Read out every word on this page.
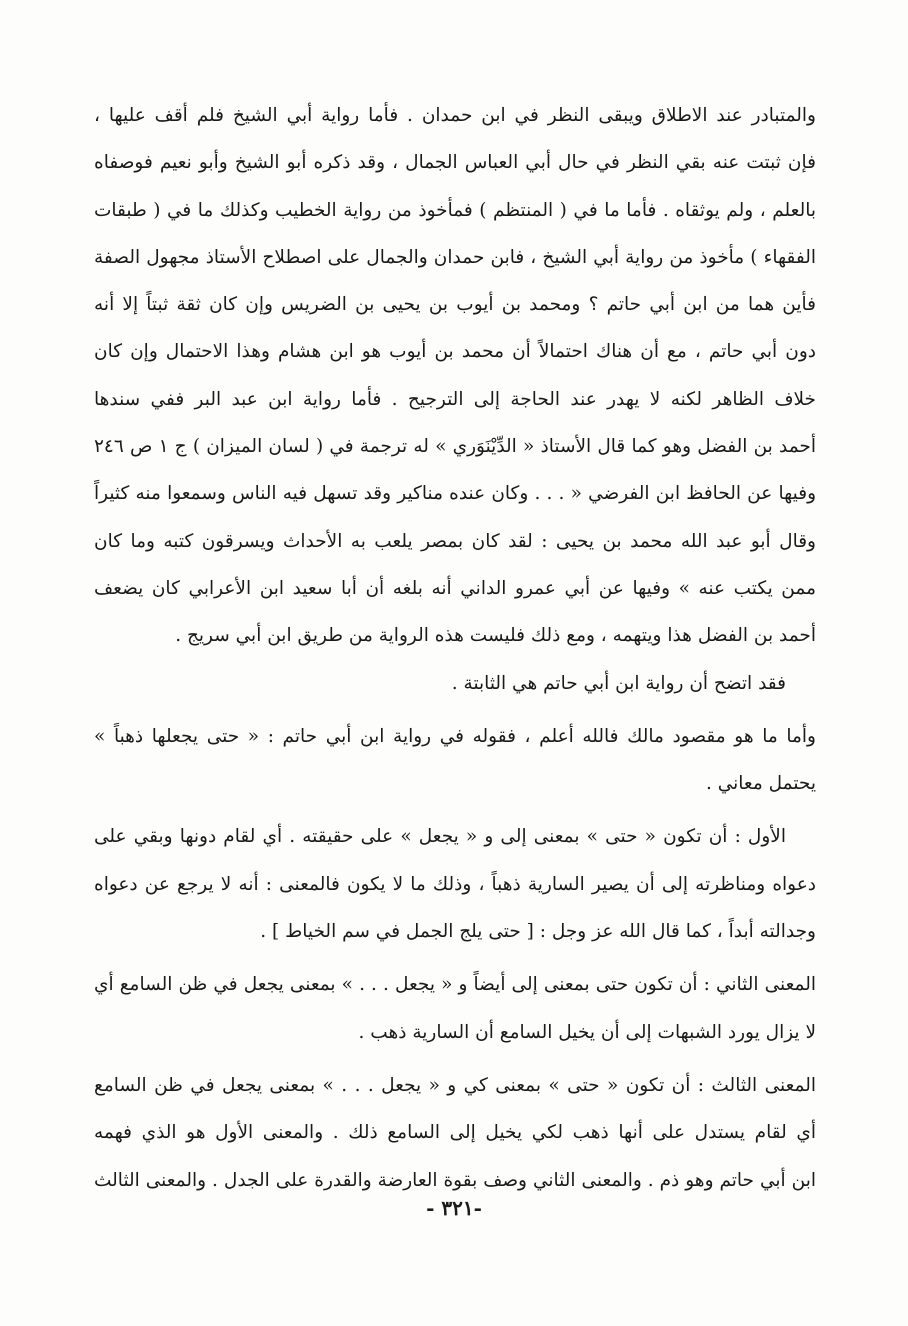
والمتبادر عند الاطلاق ويبقى النظر في ابن حمدان . فأما رواية أبي الشيخ فلم أقف عليها ،
فإن ثبتت عنه بقي النظر في حال أبي العباس الجمال ، وقد ذكره أبو الشيخ وأبو نعيم فوصفاه
بالعلم ، ولم يوثقاه . فأما ما في ( المنتظم ) فمأخوذ من رواية الخطيب وكذلك ما في ( طبقات
الفقهاء ) مأخوذ من رواية أبي الشيخ ، فابن حمدان والجمال على اصطلاح الأستاذ مجهول الصفة
فأين هما من ابن أبي حاتم ؟ ومحمد بن أيوب بن يحيى بن الضريس وإن كان ثقة ثبتاً إلا أنه
دون أبي حاتم ، مع أن هناك احتمالاً أن محمد بن أيوب هو ابن هشام وهذا الاحتمال وإن كان
خلاف الظاهر لكنه لا يهدر عند الحاجة إلى الترجيح . فأما رواية ابن عبد البر ففي سندها
أحمد بن الفضل وهو كما قال الأستاذ « الدِّيْنَوَري » له ترجمة في ( لسان الميزان ) ج ١ ص ٢٤٦
وفيها عن الحافظ ابن الفرضي « . . . وكان عنده مناكير وقد تسهل فيه الناس وسمعوا منه كثيراً
وقال أبو عبد الله محمد بن يحيى : لقد كان بمصر يلعب به الأحداث ويسرقون كتبه وما كان
ممن يكتب عنه » وفيها عن أبي عمرو الداني أنه بلغه أن أبا سعيد ابن الأعرابي كان يضعف
أحمد بن الفضل هذا ويتهمه ، ومع ذلك فليست هذه الرواية من طريق ابن أبي سريج .
فقد اتضح أن رواية ابن أبي حاتم هي الثابتة .
وأما ما هو مقصود مالك فالله أعلم ، فقوله في رواية ابن أبي حاتم : « حتى يجعلها ذهباً »
يحتمل معاني .
الأول : أن تكون « حتى » بمعنى إلى و « يجعل » على حقيقته . أي لقام دونها وبقي على
دعواه ومناظرته إلى أن يصير السارية ذهباً ، وذلك ما لا يكون فالمعنى : أنه لا يرجع عن دعواه
وجدالته أبداً ، كما قال الله عز وجل : [ حتى يلج الجمل في سم الخياط ] .
المعنى الثاني : أن تكون حتى بمعنى إلى أيضاً و « يجعل . . . » بمعنى يجعل في ظن السامع أي
لا يزال يورد الشبهات إلى أن يخيل السامع أن السارية ذهب .
المعنى الثالث : أن تكون « حتى » بمعنى كي و « يجعل . . . » بمعنى يجعل في ظن السامع
أي لقام يستدل على أنها ذهب لكي يخيل إلى السامع ذلك . والمعنى الأول هو الذي فهمه
ابن أبي حاتم وهو ذم . والمعنى الثاني وصف بقوة العارضة والقدرة على الجدل . والمعنى الثالث
-٣٢١ -
